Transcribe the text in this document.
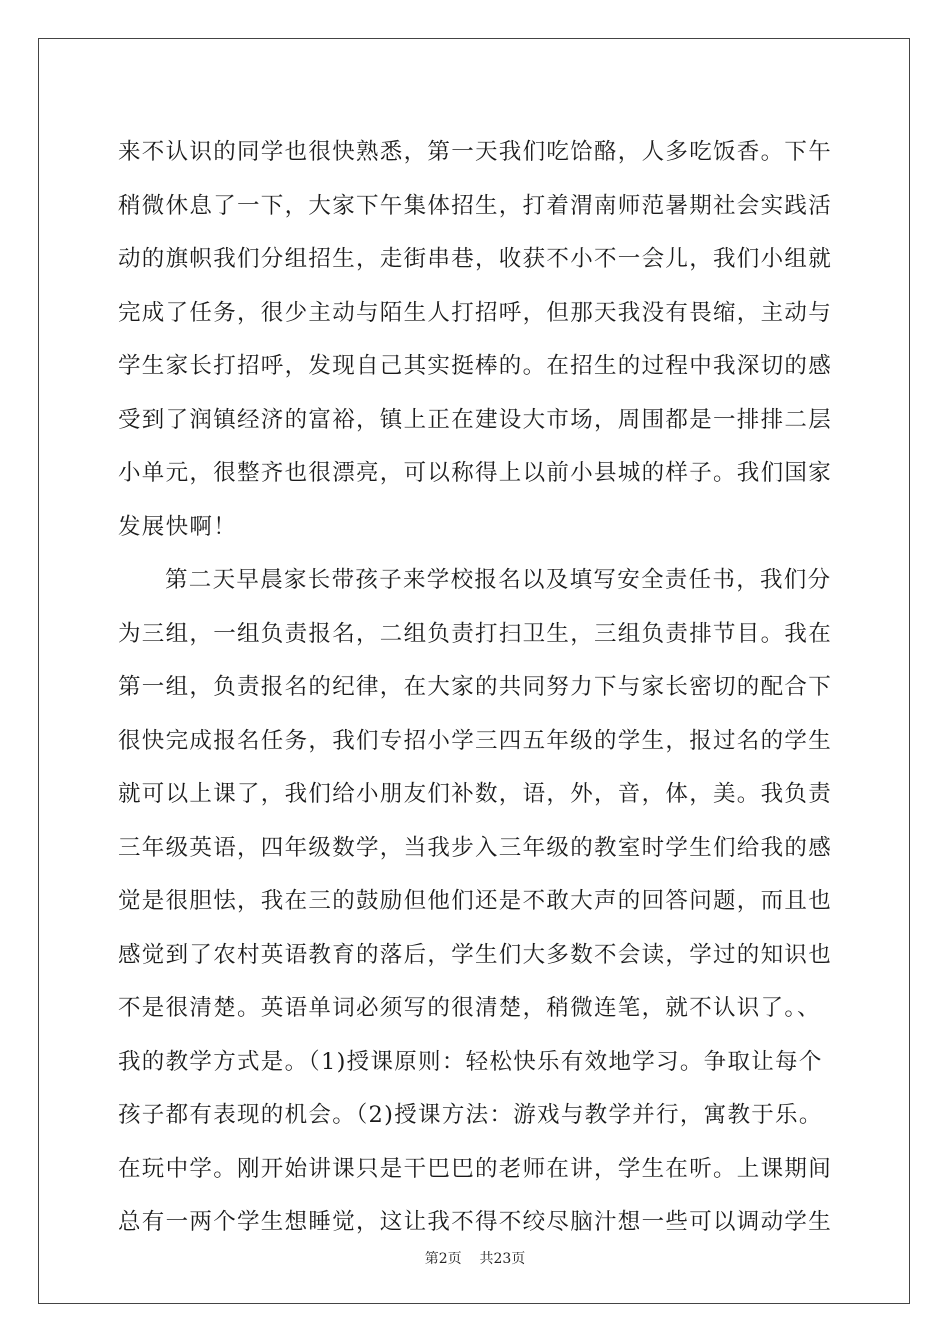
来不认识的同学也很快熟悉，第一天我们吃饸酪，人多吃饭香。下午
稍微休息了一下，大家下午集体招生，打着渭南师范暑期社会实践活
动的旗帜我们分组招生，走街串巷，收获不小不一会儿，我们小组就
完成了任务，很少主动与陌生人打招呼，但那天我没有畏缩，主动与
学生家长打招呼，发现自己其实挺棒的。在招生的过程中我深切的感
受到了润镇经济的富裕，镇上正在建设大市场，周围都是一排排二层
小单元，很整齐也很漂亮，可以称得上以前小县城的样子。我们国家
发展快啊！
第二天早晨家长带孩子来学校报名以及填写安全责任书，我们分
为三组，一组负责报名，二组负责打扫卫生，三组负责排节目。我在
第一组，负责报名的纪律，在大家的共同努力下与家长密切的配合下
很快完成报名任务，我们专招小学三四五年级的学生，报过名的学生
就可以上课了，我们给小朋友们补数，语，外，音，体，美。我负责
三年级英语，四年级数学，当我步入三年级的教室时学生们给我的感
觉是很胆怯，我在三的鼓励但他们还是不敢大声的回答问题，而且也
感觉到了农村英语教育的落后，学生们大多数不会读，学过的知识也
不是很清楚。英语单词必须写的很清楚，稍微连笔，就不认识了。、
我的教学方式是。（1)授课原则：轻松快乐有效地学习。争取让每个
孩子都有表现的机会。（2)授课方法：游戏与教学并行，寓教于乐。
在玩中学。刚开始讲课只是干巴巴的老师在讲，学生在听。上课期间
总有一两个学生想睡觉，这让我不得不绞尽脑汁想一些可以调动学生
第2页 共23页
